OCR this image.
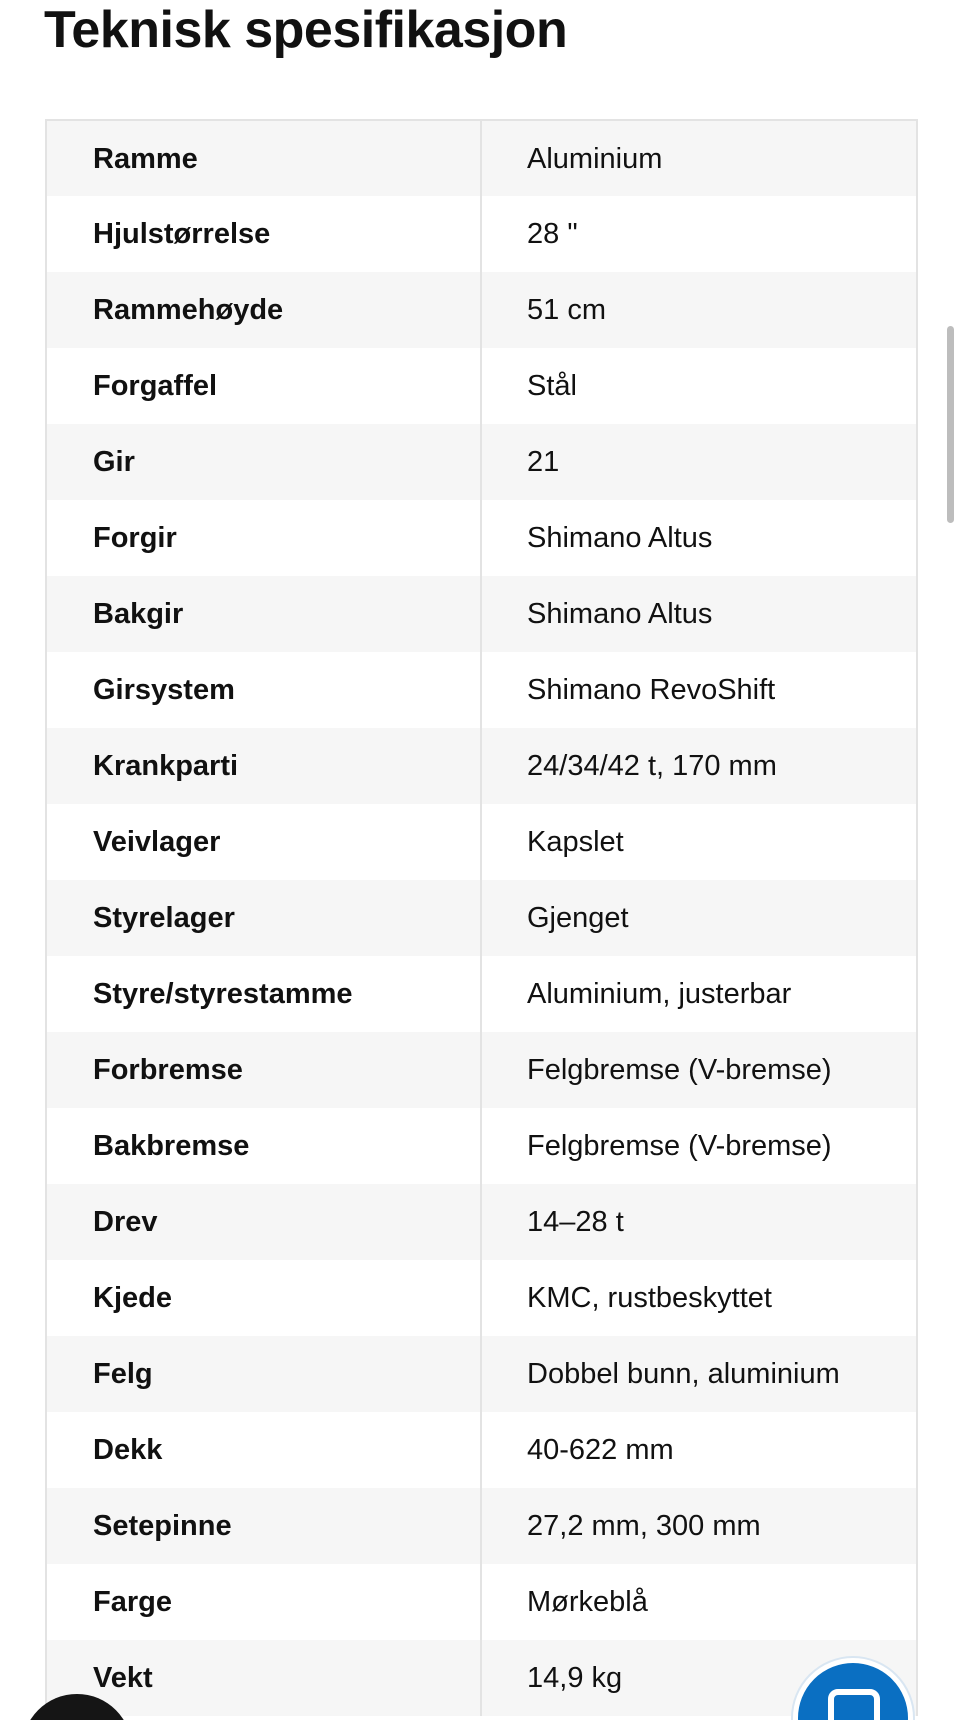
Teknisk spesifikasjon
Ramme	Aluminium
Hjulstørrelse	28 "
Rammehøyde	51 cm
Forgaffel	Stål
Gir	21
Forgir	Shimano Altus
Bakgir	Shimano Altus
Girsystem	Shimano RevoShift
Krankparti	24/34/42 t, 170 mm
Veivlager	Kapslet
Styrelager	Gjenget
Styre/styrestamme	Aluminium, justerbar
Forbremse	Felgbremse (V-bremse)
Bakbremse	Felgbremse (V-bremse)
Drev	14–28 t
Kjede	KMC, rustbeskyttet
Felg	Dobbel bunn, aluminium
Dekk	40-622 mm
Setepinne	27,2 mm, 300 mm
Farge	Mørkeblå
Vekt	14,9 kg
